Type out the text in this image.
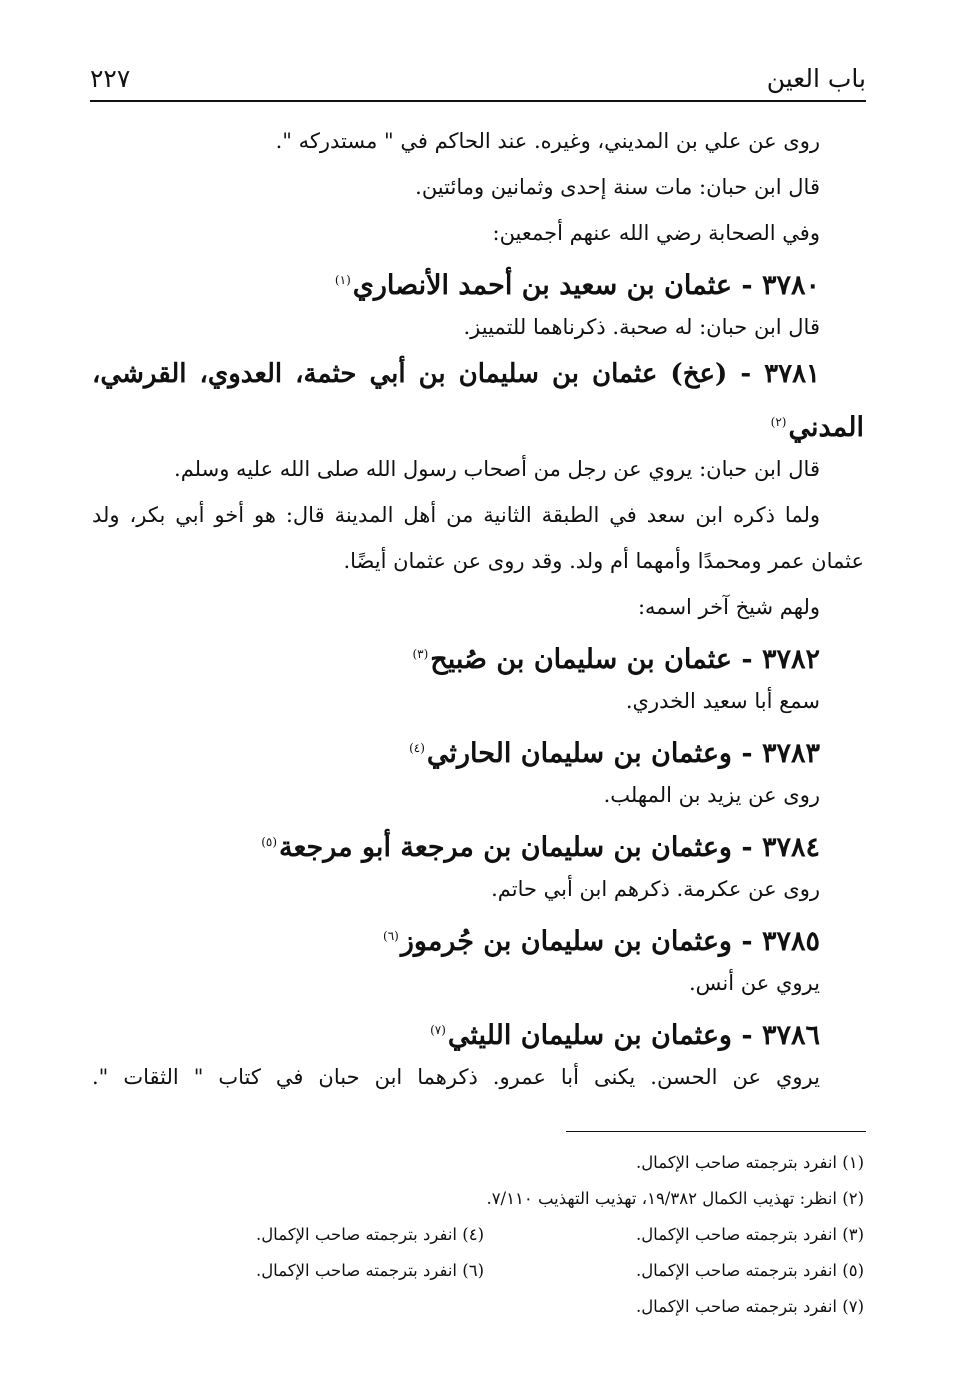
باب العين
٢٢٧
روى عن علي بن المديني، وغيره. عند الحاكم في " مستدركه ".
قال ابن حبان: مات سنة إحدى وثمانين ومائتين.
وفي الصحابة رضي الله عنهم أجمعين:
٣٧٨٠ - عثمان بن سعيد بن أحمد الأنصاري$^{(١)}$
قال ابن حبان: له صحبة. ذكرناهما للتمييز.
٣٧٨١ - (عخ) عثمان بن سليمان بن أبي حثمة، العدوي، القرشي،
المدني$^{(٢)}$
قال ابن حبان: يروي عن رجل من أصحاب رسول الله صلى الله عليه وسلم.
ولما ذكره ابن سعد في الطبقة الثانية من أهل المدينة قال: هو أخو أبي بكر، ولد
عثمان عمر ومحمدًا وأمهما أم ولد. وقد روى عن عثمان أيضًا.
ولهم شيخ آخر اسمه:
٣٧٨٢ - عثمان بن سليمان بن صُبيح$^{(٣)}$
سمع أبا سعيد الخدري.
٣٧٨٣ - وعثمان بن سليمان الحارثي$^{(٤)}$
روى عن يزيد بن المهلب.
٣٧٨٤ - وعثمان بن سليمان بن مرجعة أبو مرجعة$^{(٥)}$
روى عن عكرمة. ذكرهم ابن أبي حاتم.
٣٧٨٥ - وعثمان بن سليمان بن جُرموز$^{(٦)}$
يروي عن أنس.
٣٧٨٦ - وعثمان بن سليمان الليثي$^{(٧)}$
يروي عن الحسن. يكنى أبا عمرو. ذكرهما ابن حبان في كتاب " الثقات ".
(١) انفرد بترجمته صاحب الإكمال.
(٢) انظر: تهذيب الكمال ١٩/٣٨٢، تهذيب التهذيب ٧/١١٠.
(٣) انفرد بترجمته صاحب الإكمال.
(٤) انفرد بترجمته صاحب الإكمال.
(٥) انفرد بترجمته صاحب الإكمال.
(٦) انفرد بترجمته صاحب الإكمال.
(٧) انفرد بترجمته صاحب الإكمال.
